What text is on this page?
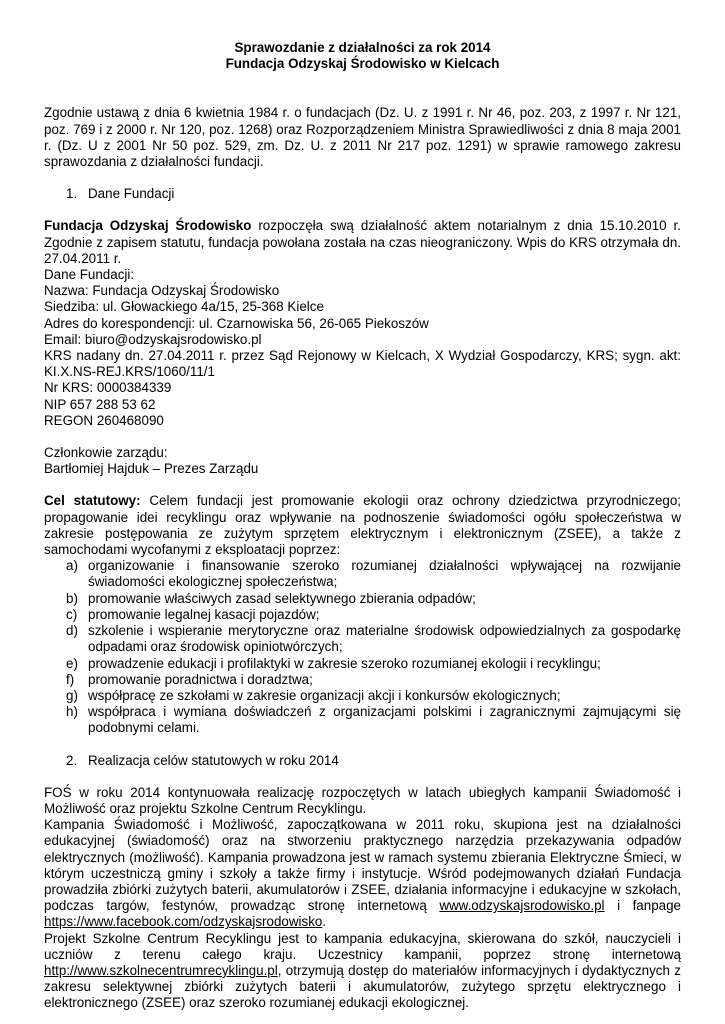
Sprawozdanie z działalności za rok 2014
Fundacja Odzyskaj Środowisko w Kielcach

Zgodnie ustawą z dnia 6 kwietnia 1984 r. o fundacjach (Dz. U. z 1991 r. Nr 46, poz. 203, z 1997 r. Nr 121, poz. 769 i z 2000 r. Nr 120, poz. 1268) oraz Rozporządzeniem Ministra Sprawiedliwości z dnia 8 maja 2001 r. (Dz. U z 2001 Nr 50 poz. 529, zm. Dz. U. z 2011 Nr 217 poz. 1291) w sprawie ramowego zakresu sprawozdania z działalności fundacji.

1. Dane Fundacji

Fundacja Odzyskaj Środowisko rozpoczęła swą działalność aktem notarialnym z dnia 15.10.2010 r. Zgodnie z zapisem statutu, fundacja powołana została na czas nieograniczony. Wpis do KRS otrzymała dn. 27.04.2011 r.

Dane Fundacji:

Nazwa: Fundacja Odzyskaj Środowisko

Siedziba: ul. Głowackiego 4a/15, 25-368 Kielce

Adres do korespondencji: ul. Czarnowiska 56, 26-065 Piekoszów

Email: biuro@odzyskajsrodowisko.pl

KRS nadany dn. 27.04.2011 r. przez Sąd Rejonowy w Kielcach, X Wydział Gospodarczy, KRS; sygn. akt:

KI.X.NS-REJ.KRS/1060/11/1

Nr KRS: 0000384339

NIP 657 288 53 62

REGON 260468090

Członkowie zarządu:

Bartłomiej Hajduk – Prezes Zarządu

Cel statutowy: Celem fundacji jest promowanie ekologii oraz ochrony dziedzictwa przyrodniczego; propagowanie idei recyklingu oraz wpływanie na podnoszenie świadomości ogółu społeczeństwa w zakresie postępowania ze zużytym sprzętem elektrycznym i elektronicznym (ZSEE), a także z samochodami wycofanymi z eksploatacji poprzez:

a) organizowanie i finansowanie szeroko rozumianej działalności wpływającej na rozwijanie świadomości ekologicznej społeczeństwa;
b) promowanie właściwych zasad selektywnego zbierania odpadów;
c) promowanie legalnej kasacji pojazdów;
d) szkolenie i wspieranie merytoryczne oraz materialne środowisk odpowiedzialnych za gospodarkę odpadami oraz środowisk opiniotwórczych;
e) prowadzenie edukacji i profilaktyki w zakresie szeroko rozumianej ekologii i recyklingu;
f) promowanie poradnictwa i doradztwa;
g) współpracę ze szkołami w zakresie organizacji akcji i konkursów ekologicznych;
h) współpraca i wymiana doświadczeń z organizacjami polskimi i zagranicznymi zajmującymi się podobnymi celami.
2. Realizacja celów statutowych w roku 2014

FOŚ w roku 2014 kontynuowała realizację rozpoczętych w latach ubiegłych kampanii Świadomość i Możliwość oraz projektu Szkolne Centrum Recyklingu.

Kampania Świadomość i Możliwość, zapoczątkowana w 2011 roku, skupiona jest na działalności edukacyjnej (świadomość) oraz na stworzeniu praktycznego narzędzia przekazywania odpadów elektrycznych (możliwość). Kampania prowadzona jest w ramach systemu zbierania Elektryczne Śmieci, w którym uczestniczą gminy i szkoły a także firmy i instytucje. Wśród podejmowanych działań Fundacja prowadziła zbiórki zużytych baterii, akumulatorów i ZSEE, działania informacyjne i edukacyjne w szkołach, podczas targów, festynów, prowadząc stronę internetową www.odzyskajsrodowisko.pl i fanpage https://www.facebook.com/odzyskajsrodowisko.

Projekt Szkolne Centrum Recyklingu jest to kampania edukacyjna, skierowana do szkół, nauczycieli i uczniów z terenu całego kraju. Uczestnicy kampanii, poprzez stronę internetową http://www.szkolnecentrumrecyklingu.pl, otrzymują dostęp do materiałów informacyjnych i dydaktycznych z zakresu selektywnej zbiórki zużytych baterii i akumulatorów, zużytego sprzętu elektrycznego i elektronicznego (ZSEE) oraz szeroko rozumianej edukacji ekologicznej.
